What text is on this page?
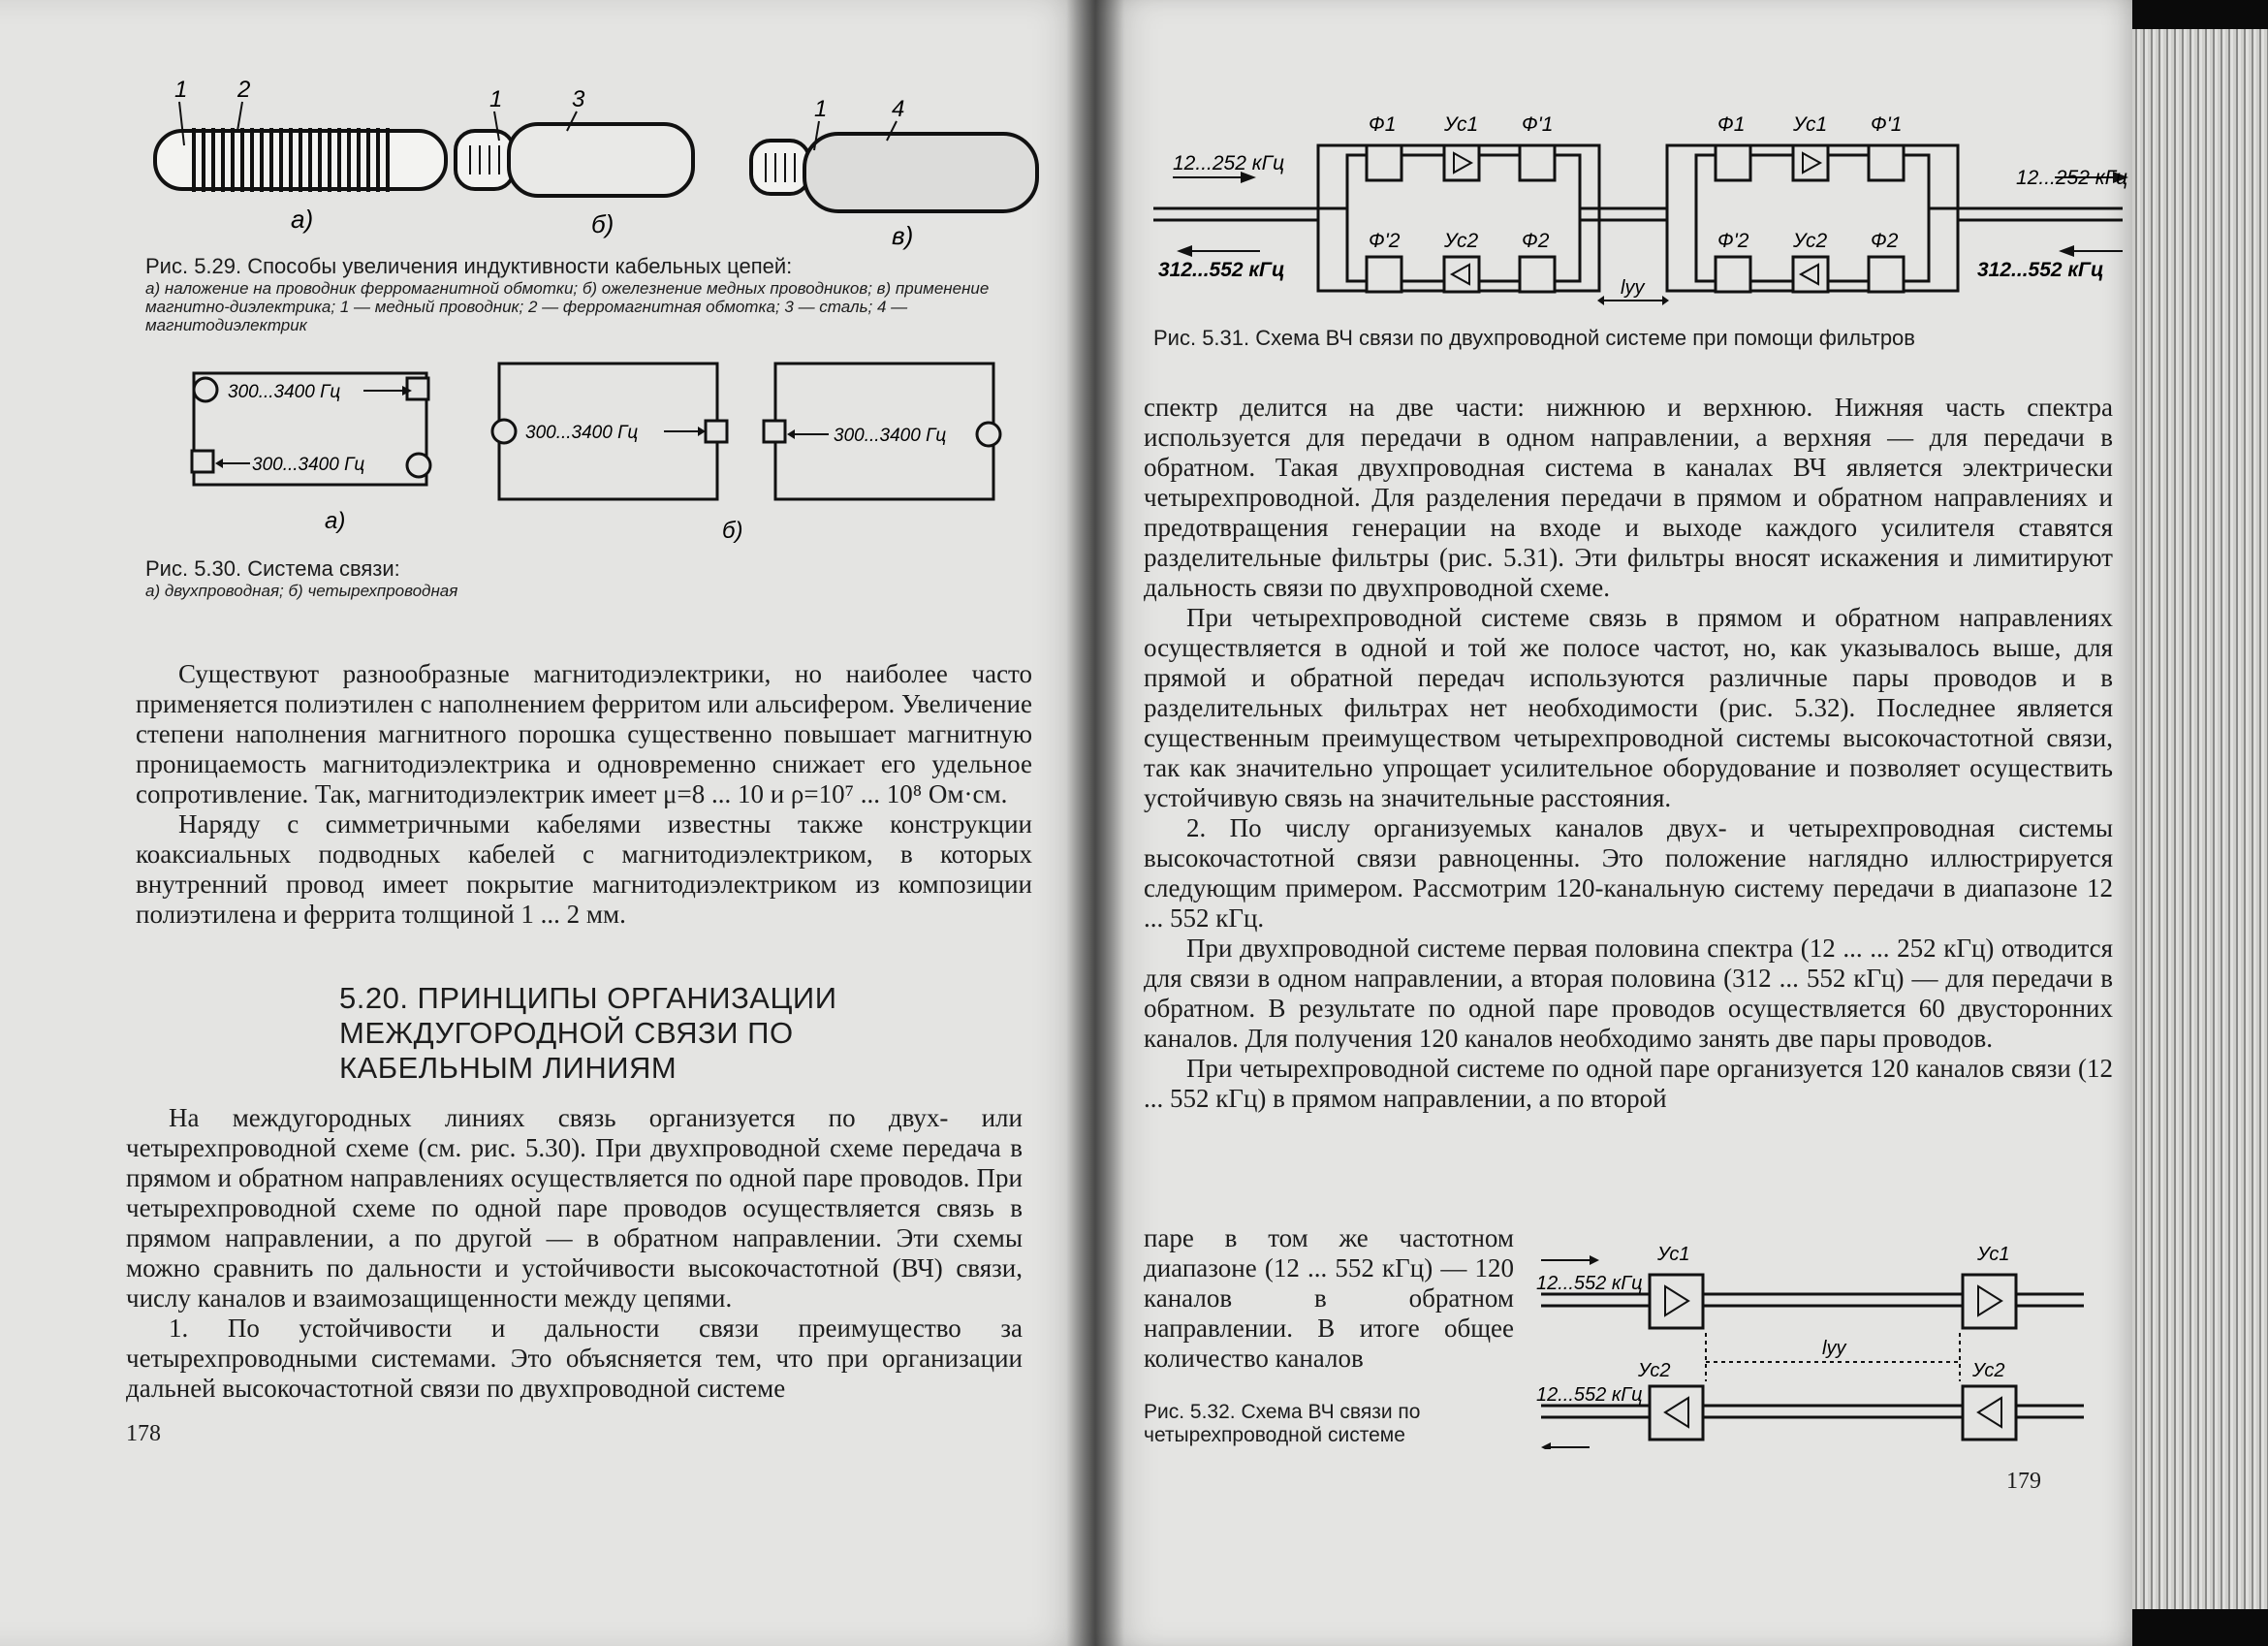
1 2	1	3	1	4
а)	б)	в)
Рис. 5.29. Способы увеличения индуктивности кабельных цепей:
а) наложение на проводник ферромагнитной обмотки; б) ожелезнение медных проводников; в) применение магнитно-диэлектрика; 1 — медный проводник; 2 — ферромагнитная обмотка; 3 — сталь; 4 — магнитодиэлектрик
300...3400 Гц
300...3400 Гц
а)
300...3400 Гц	300...3400 Гц
б)
Рис. 5.30. Система связи:
а) двухпроводная; б) четырехпроводная

Существуют разнообразные магнитодиэлектрики, но наиболее часто применяется полиэтилен с наполнением ферритом или альсифером. Увеличение степени наполнения магнитного порошка существенно повышает магнитную проницаемость магнитодиэлектрика и одновременно снижает его удельное сопротивление. Так, магнитодиэлектрик имеет μ=8 ... 10 и ρ=10⁷ ... 10⁸ Ом·см.

Наряду с симметричными кабелями известны также конструкции коаксиальных подводных кабелей с магнитодиэлектриком, в которых внутренний провод имеет покрытие магнитодиэлектриком из композиции полиэтилена и феррита толщиной 1 ... 2 мм.

5.20. ПРИНЦИПЫ ОРГАНИЗАЦИИ
МЕЖДУГОРОДНОЙ СВЯЗИ ПО
КАБЕЛЬНЫМ ЛИНИЯМ

На междугородных линиях связь организуется по двух- или четырехпроводной схеме (см. рис. 5.30). При двухпроводной схеме передача в прямом и обратном направлениях осуществляется по одной паре проводов. При четырехпроводной схеме по одной паре проводов осуществляется связь в прямом направлении, а по другой — в обратном направлении. Эти схемы можно сравнить по дальности и устойчивости высокочастотной (ВЧ) связи, числу каналов и взаимозащищенности между цепями.

1. По устойчивости и дальности связи преимущество за четырехпроводными системами. Это объясняется тем, что при организации дальней высокочастотной связи по двухпроводной системе

178
12...252 кГц
312...552 кГц
12...252 кГц
312...552 кГц
Ф1 Ус1 Ф'1
Ф'2 Ус2 Ф2
Ф1 Ус1 Ф'1
Ф'2 Ус2 Ф2
lуу
Рис. 5.31. Схема ВЧ связи по двухпроводной системе при помощи фильтров

спектр делится на две части: нижнюю и верхнюю. Нижняя часть спектра используется для передачи в одном направлении, а верхняя — для передачи в обратном. Такая двухпроводная система в каналах ВЧ является электрически четырехпроводной. Для разделения передачи в прямом и обратном направлениях и предотвращения генерации на входе и выходе каждого усилителя ставятся разделительные фильтры (рис. 5.31). Эти фильтры вносят искажения и лимитируют дальность связи по двухпроводной схеме.

При четырехпроводной системе связь в прямом и обратном направлениях осуществляется в одной и той же полосе частот, но, как указывалось выше, для прямой и обратной передач используются различные пары проводов и в разделительных фильтрах нет необходимости (рис. 5.32). Последнее является существенным преимуществом четырехпроводной системы высокочастотной связи, так как значительно упрощает усилительное оборудование и позволяет осуществить устойчивую связь на значительные расстояния.

2. По числу организуемых каналов двух- и четырехпроводная системы высокочастотной связи равноценны. Это положение наглядно иллюстрируется следующим примером. Рассмотрим 120-канальную систему передачи в диапазоне 12 ... 552 кГц.

При двухпроводной системе первая половина спектра (12 ... ... 252 кГц) отводится для связи в одном направлении, а вторая половина (312 ... 552 кГц) — для передачи в обратном. В результате по одной паре проводов осуществляется 60 двусторонних каналов. Для получения 120 каналов необходимо занять две пары проводов.

При четырехпроводной системе по одной паре организуется 120 каналов связи (12 ... 552 кГц) в прямом направлении, а по второй

паре в том же частотном диапазоне (12 ... 552 кГц) — 120 каналов в обратном направлении. В итоге общее количество каналов

12...552 кГц
12...552 кГц
Ус1	Ус1
Ус2	Ус2
lуу
Рис. 5.32. Схема ВЧ связи по четырехпроводной системе
179
